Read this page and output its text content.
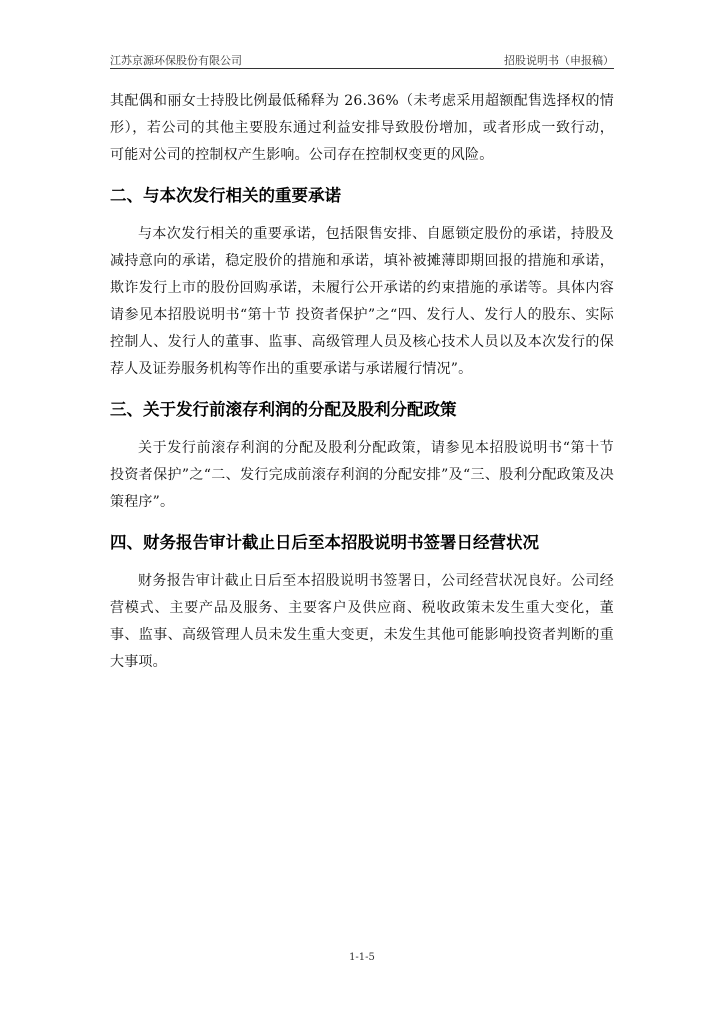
江苏京源环保股份有限公司	招股说明书（申报稿）

其配偶和丽女士持股比例最低稀释为 26.36%（未考虑采用超额配售选择权的情形），若公司的其他主要股东通过利益安排导致股份增加，或者形成一致行动，可能对公司的控制权产生影响。公司存在控制权变更的风险。

二、与本次发行相关的重要承诺

与本次发行相关的重要承诺，包括限售安排、自愿锁定股份的承诺，持股及减持意向的承诺，稳定股价的措施和承诺，填补被摊薄即期回报的措施和承诺，欺诈发行上市的股份回购承诺，未履行公开承诺的约束措施的承诺等。具体内容请参见本招股说明书“第十节 投资者保护”之“四、发行人、发行人的股东、实际控制人、发行人的董事、监事、高级管理人员及核心技术人员以及本次发行的保荐人及证券服务机构等作出的重要承诺与承诺履行情况”。

三、关于发行前滚存利润的分配及股利分配政策

关于发行前滚存利润的分配及股利分配政策，请参见本招股说明书“第十节 投资者保护”之“二、发行完成前滚存利润的分配安排”及“三、股利分配政策及决策程序”。

四、财务报告审计截止日后至本招股说明书签署日经营状况

财务报告审计截止日后至本招股说明书签署日，公司经营状况良好。公司经营模式、主要产品及服务、主要客户及供应商、税收政策未发生重大变化，董事、监事、高级管理人员未发生重大变更，未发生其他可能影响投资者判断的重大事项。

1-1-5
